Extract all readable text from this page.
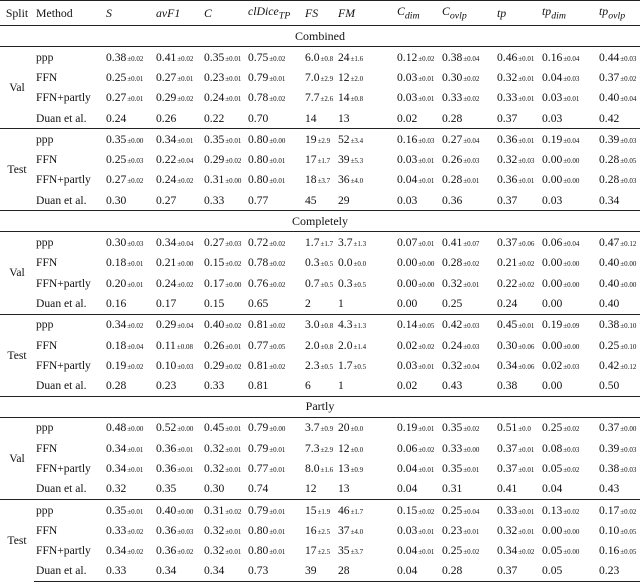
Split	Method	S	avF1	C	clDice$_{TP}$	FS	FM	$C_{dim}$	$C_{ovlp}$	tp	$tp_{dim}$	$tp_{ovlp}$
Combined												
Val	ppp	0.38±0.02	0.41±0.02	0.35±0.01	0.75±0.02	6.0±0.8	24±1.6	0.12±0.02	0.38±0.04	0.46±0.01	0.16±0.04	0.44±0.03
	FFN	0.25±0.01	0.27±0.01	0.23±0.01	0.79±0.01	7.0±2.9	12±2.0	0.03±0.01	0.30±0.02	0.32±0.01	0.04±0.03	0.37±0.02
	FFN+partly	0.27±0.01	0.29±0.02	0.24±0.01	0.78±0.02	7.7±2.6	14±0.8	0.03±0.01	0.33±0.02	0.33±0.01	0.03±0.01	0.40±0.04
	Duan et al.	0.24	0.26	0.22	0.70	14	13	0.02	0.28	0.37	0.03	0.42
Test	ppp	0.35±0.00	0.34±0.01	0.35±0.01	0.80±0.00	19±2.9	52±3.4	0.16±0.03	0.27±0.04	0.36±0.01	0.19±0.04	0.39±0.03
	FFN	0.25±0.03	0.22±0.04	0.29±0.02	0.80±0.01	17±1.7	39±5.3	0.03±0.01	0.26±0.03	0.32±0.03	0.00±0.00	0.28±0.05
	FFN+partly	0.27±0.02	0.24±0.02	0.31±0.00	0.80±0.01	18±3.7	36±4.0	0.04±0.01	0.28±0.01	0.36±0.01	0.00±0.00	0.28±0.03
	Duan et al.	0.30	0.27	0.33	0.77	45	29	0.03	0.36	0.37	0.03	0.34
Completely												
Val	ppp	0.30±0.03	0.34±0.04	0.27±0.03	0.72±0.02	1.7±1.7	3.7±1.3	0.07±0.01	0.41±0.07	0.37±0.06	0.06±0.04	0.47±0.12
	FFN	0.18±0.01	0.21±0.00	0.15±0.02	0.78±0.02	0.3±0.5	0.0±0.0	0.00±0.00	0.28±0.02	0.21±0.02	0.00±0.00	0.40±0.00
	FFN+partly	0.20±0.01	0.24±0.02	0.17±0.00	0.76±0.02	0.7±0.5	0.3±0.5	0.00±0.00	0.32±0.01	0.22±0.02	0.00±0.00	0.40±0.00
	Duan et al.	0.16	0.17	0.15	0.65	2	1	0.00	0.25	0.24	0.00	0.40
Test	ppp	0.34±0.02	0.29±0.04	0.40±0.02	0.81±0.02	3.0±0.8	4.3±1.3	0.14±0.05	0.42±0.03	0.45±0.01	0.19±0.09	0.38±0.10
	FFN	0.18±0.04	0.11±0.08	0.26±0.01	0.77±0.05	2.0±0.8	2.0±1.4	0.02±0.02	0.24±0.03	0.30±0.06	0.00±0.00	0.25±0.10
	FFN+partly	0.19±0.02	0.10±0.03	0.29±0.02	0.81±0.02	2.3±0.5	1.7±0.5	0.03±0.01	0.32±0.04	0.34±0.06	0.02±0.03	0.42±0.12
	Duan et al.	0.28	0.23	0.33	0.81	6	1	0.02	0.43	0.38	0.00	0.50
Partly												
Val	ppp	0.48±0.00	0.52±0.00	0.45±0.01	0.79±0.00	3.7±0.9	20±0.0	0.19±0.01	0.35±0.02	0.51±0.0	0.25±0.02	0.37±0.00
	FFN	0.34±0.01	0.36±0.01	0.32±0.01	0.79±0.01	7.3±2.9	12±0.0	0.06±0.02	0.33±0.00	0.37±0.01	0.08±0.03	0.39±0.03
	FFN+partly	0.34±0.01	0.36±0.01	0.32±0.01	0.77±0.01	8.0±1.6	13±0.9	0.04±0.01	0.35±0.01	0.37±0.01	0.05±0.02	0.38±0.03
	Duan et al.	0.32	0.35	0.30	0.74	12	13	0.04	0.31	0.41	0.04	0.43
Test	ppp	0.35±0.01	0.40±0.00	0.31±0.02	0.79±0.01	15±1.9	46±1.7	0.15±0.02	0.25±0.04	0.33±0.01	0.13±0.02	0.17±0.02
	FFN	0.33±0.02	0.36±0.03	0.32±0.01	0.80±0.01	16±2.5	37±4.0	0.03±0.01	0.23±0.01	0.32±0.01	0.00±0.00	0.10±0.05
	FFN+partly	0.34±0.02	0.36±0.02	0.32±0.01	0.80±0.01	17±2.5	35±3.7	0.04±0.01	0.25±0.02	0.34±0.02	0.05±0.00	0.16±0.05
	Duan et al.	0.33	0.34	0.34	0.73	39	28	0.04	0.28	0.37	0.05	0.23
